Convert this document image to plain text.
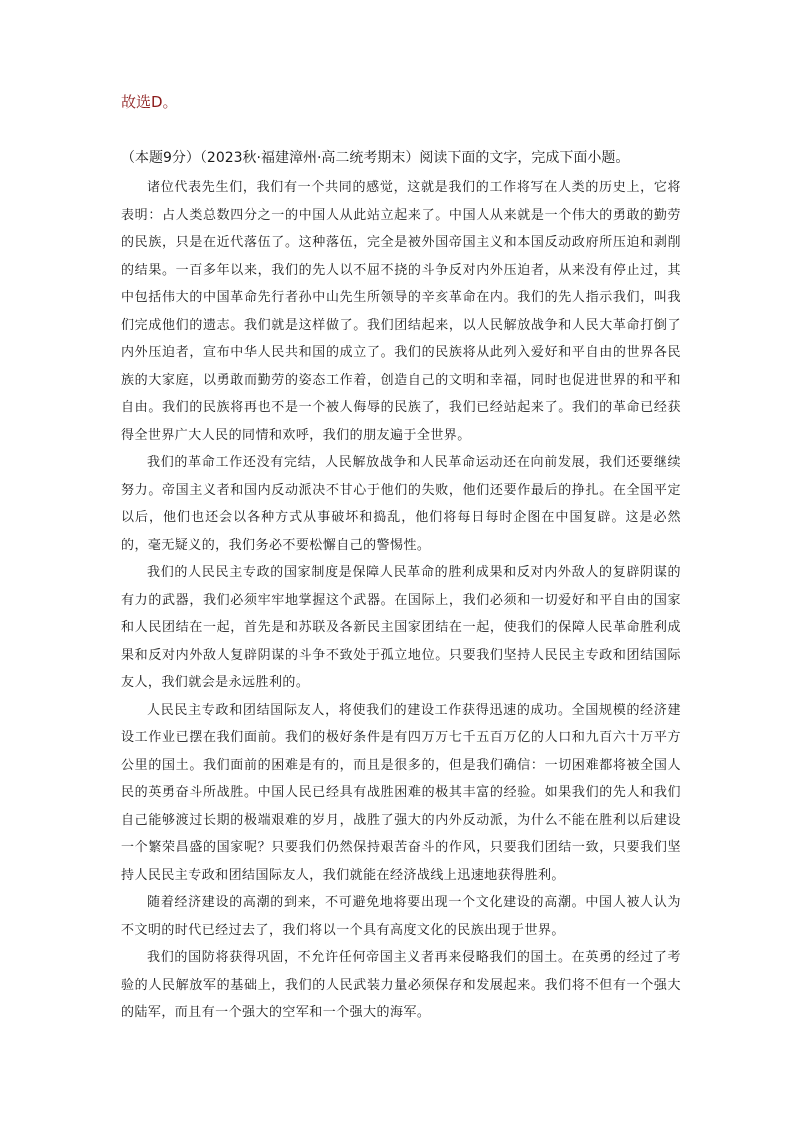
故选D。

（本题9分）（2023秋·福建漳州·高二统考期末）阅读下面的文字，完成下面小题。

诸位代表先生们，我们有一个共同的感觉，这就是我们的工作将写在人类的历史上，它将表明：占人类总数四分之一的中国人从此站立起来了。中国人从来就是一个伟大的勇敢的勤劳的民族，只是在近代落伍了。这种落伍，完全是被外国帝国主义和本国反动政府所压迫和剥削的结果。一百多年以来，我们的先人以不屈不挠的斗争反对内外压迫者，从来没有停止过，其中包括伟大的中国革命先行者孙中山先生所领导的辛亥革命在内。我们的先人指示我们，叫我们完成他们的遗志。我们就是这样做了。我们团结起来，以人民解放战争和人民大革命打倒了内外压迫者，宣布中华人民共和国的成立了。我们的民族将从此列入爱好和平自由的世界各民族的大家庭，以勇敢而勤劳的姿态工作着，创造自己的文明和幸福，同时也促进世界的和平和自由。我们的民族将再也不是一个被人侮辱的民族了，我们已经站起来了。我们的革命已经获得全世界广大人民的同情和欢呼，我们的朋友遍于全世界。

我们的革命工作还没有完结，人民解放战争和人民革命运动还在向前发展，我们还要继续努力。帝国主义者和国内反动派决不甘心于他们的失败，他们还要作最后的挣扎。在全国平定以后，他们也还会以各种方式从事破坏和捣乱，他们将每日每时企图在中国复辟。这是必然的，毫无疑义的，我们务必不要松懈自己的警惕性。

我们的人民民主专政的国家制度是保障人民革命的胜利成果和反对内外敌人的复辟阴谋的有力的武器，我们必须牢牢地掌握这个武器。在国际上，我们必须和一切爱好和平自由的国家和人民团结在一起，首先是和苏联及各新民主国家团结在一起，使我们的保障人民革命胜利成果和反对内外敌人复辟阴谋的斗争不致处于孤立地位。只要我们坚持人民民主专政和团结国际友人，我们就会是永远胜利的。

人民民主专政和团结国际友人，将使我们的建设工作获得迅速的成功。全国规模的经济建设工作业已摆在我们面前。我们的极好条件是有四万万七千五百万亿的人口和九百六十万平方公里的国土。我们面前的困难是有的，而且是很多的，但是我们确信：一切困难都将被全国人民的英勇奋斗所战胜。中国人民已经具有战胜困难的极其丰富的经验。如果我们的先人和我们自己能够渡过长期的极端艰难的岁月，战胜了强大的内外反动派，为什么不能在胜利以后建设一个繁荣昌盛的国家呢？只要我们仍然保持艰苦奋斗的作风，只要我们团结一致，只要我们坚持人民民主专政和团结国际友人，我们就能在经济战线上迅速地获得胜利。

随着经济建设的高潮的到来，不可避免地将要出现一个文化建设的高潮。中国人被人认为不文明的时代已经过去了，我们将以一个具有高度文化的民族出现于世界。

我们的国防将获得巩固，不允许任何帝国主义者再来侵略我们的国土。在英勇的经过了考验的人民解放军的基础上，我们的人民武装力量必须保存和发展起来。我们将不但有一个强大的陆军，而且有一个强大的空军和一个强大的海军。
